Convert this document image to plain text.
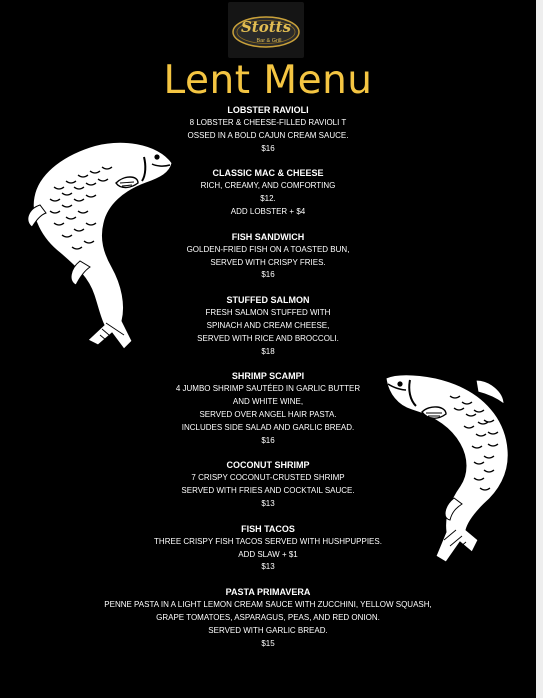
Stotts
Bar & Grill
Lent Menu
LOBSTER RAVIOLI
8 LOBSTER & CHEESE-FILLED RAVIOLI T
OSSED IN A BOLD CAJUN CREAM SAUCE.
$16
CLASSIC MAC & CHEESE
RICH, CREAMY, AND COMFORTING
$12.
ADD LOBSTER + $4
FISH SANDWICH
GOLDEN-FRIED FISH ON A TOASTED BUN,
SERVED WITH CRISPY FRIES.
$16
STUFFED SALMON
FRESH SALMON STUFFED WITH
SPINACH AND CREAM CHEESE,
SERVED WITH RICE AND BROCCOLI.
$18
SHRIMP SCAMPI
4 JUMBO SHRIMP SAUTÉED IN GARLIC BUTTER
AND WHITE WINE,
SERVED OVER ANGEL HAIR PASTA.
INCLUDES SIDE SALAD AND GARLIC BREAD.
$16
COCONUT SHRIMP
7 CRISPY COCONUT-CRUSTED SHRIMP
SERVED WITH FRIES AND COCKTAIL SAUCE.
$13
FISH TACOS
THREE CRISPY FISH TACOS SERVED WITH HUSHPUPPIES.
ADD SLAW + $1
$13
PASTA PRIMAVERA
PENNE PASTA IN A LIGHT LEMON CREAM SAUCE WITH ZUCCHINI, YELLOW SQUASH,
GRAPE TOMATOES, ASPARAGUS, PEAS, AND RED ONION.
SERVED WITH GARLIC BREAD.
$15
